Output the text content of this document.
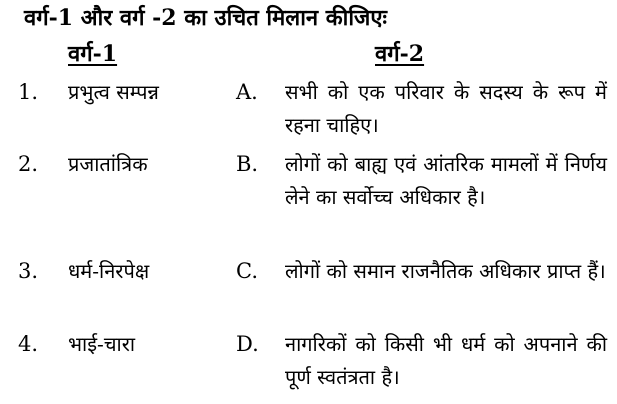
वर्ग-1 और वर्ग -2 का उचित मिलान कीजिएः
वर्ग-1	वर्ग-2
1. प्रभुत्व सम्पन्न	A. सभी को एक परिवार के सदस्य के रूप में रहना चाहिए।
2. प्रजातांत्रिक	B. लोगों को बाह्य एवं आंतरिक मामलों में निर्णय लेने का सर्वोच्च अधिकार है।
3. धर्म-निरपेक्ष	C. लोगों को समान राजनैतिक अधिकार प्राप्त हैं।
4. भाई-चारा	D. नागरिकों को किसी भी धर्म को अपनाने की पूर्ण स्वतंत्रता है।
